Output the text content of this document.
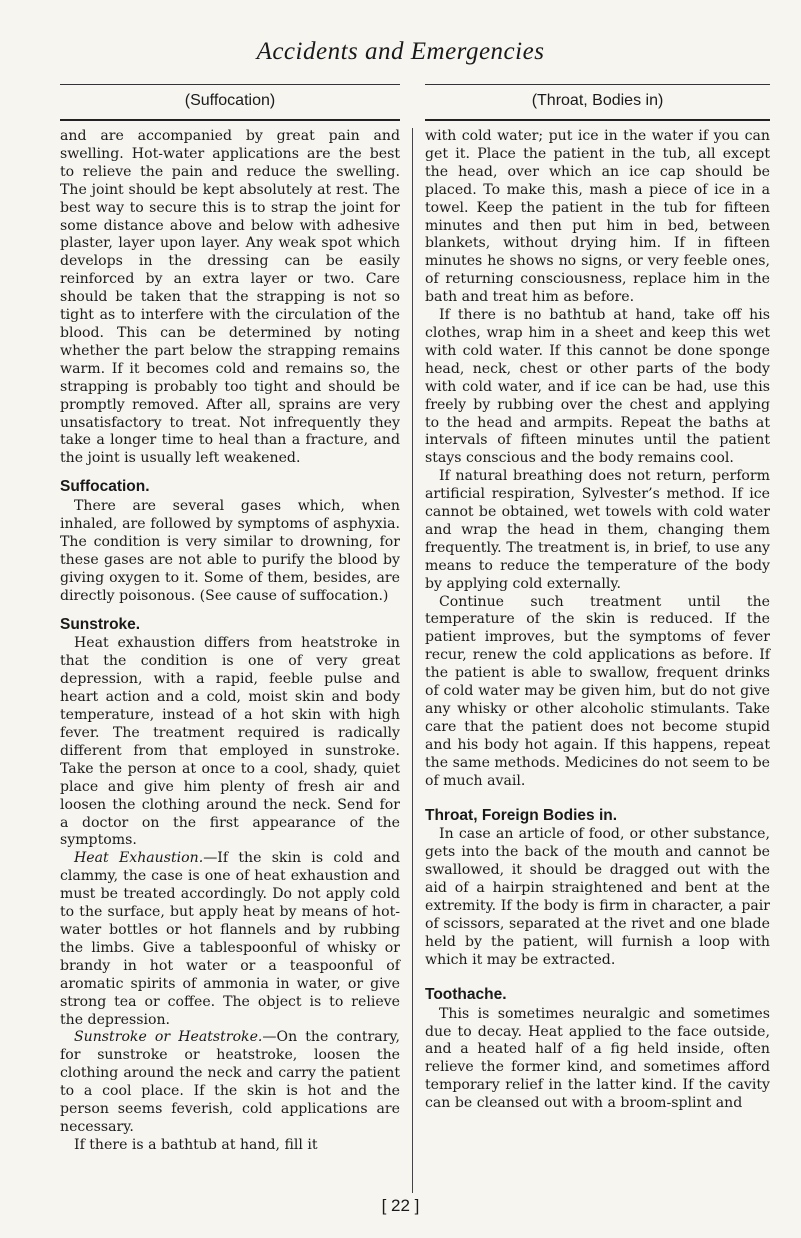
Accidents and Emergencies
(Suffocation)	(Throat, Bodies in)

and are accompanied by great pain and swelling. Hot-water applications are the best to relieve the pain and reduce the swelling. The joint should be kept absolutely at rest. The best way to secure this is to strap the joint for some distance above and below with adhesive plaster, layer upon layer. Any weak spot which develops in the dressing can be easily reinforced by an extra layer or two. Care should be taken that the strapping is not so tight as to interfere with the circulation of the blood. This can be determined by noting whether the part below the strapping remains warm. If it becomes cold and remains so, the strapping is probably too tight and should be promptly removed. After all, sprains are very unsatisfactory to treat. Not infrequently they take a longer time to heal than a fracture, and the joint is usually left weakened.

Suffocation.

There are several gases which, when inhaled, are followed by symptoms of asphyxia. The condition is very similar to drowning, for these gases are not able to purify the blood by giving oxygen to it. Some of them, besides, are directly poisonous. (See cause of suffocation.)

Sunstroke.

Heat exhaustion differs from heatstroke in that the condition is one of very great depression, with a rapid, feeble pulse and heart action and a cold, moist skin and body temperature, instead of a hot skin with high fever. The treatment required is radically different from that employed in sunstroke. Take the person at once to a cool, shady, quiet place and give him plenty of fresh air and loosen the clothing around the neck. Send for a doctor on the first appearance of the symptoms.

Heat Exhaustion.—If the skin is cold and clammy, the case is one of heat exhaustion and must be treated accordingly. Do not apply cold to the surface, but apply heat by means of hot-water bottles or hot flannels and by rubbing the limbs. Give a tablespoonful of whisky or brandy in hot water or a teaspoonful of aromatic spirits of ammonia in water, or give strong tea or coffee. The object is to relieve the depression.

Sunstroke or Heatstroke.—On the contrary, for sunstroke or heatstroke, loosen the clothing around the neck and carry the patient to a cool place. If the skin is hot and the person seems feverish, cold applications are necessary.

If there is a bathtub at hand, fill it

with cold water; put ice in the water if you can get it. Place the patient in the tub, all except the head, over which an ice cap should be placed. To make this, mash a piece of ice in a towel. Keep the patient in the tub for fifteen minutes and then put him in bed, between blankets, without drying him. If in fifteen minutes he shows no signs, or very feeble ones, of returning consciousness, replace him in the bath and treat him as before.

If there is no bathtub at hand, take off his clothes, wrap him in a sheet and keep this wet with cold water. If this cannot be done sponge head, neck, chest or other parts of the body with cold water, and if ice can be had, use this freely by rubbing over the chest and applying to the head and armpits. Repeat the baths at intervals of fifteen minutes until the patient stays conscious and the body remains cool.

If natural breathing does not return, perform artificial respiration, Sylvester’s method. If ice cannot be obtained, wet towels with cold water and wrap the head in them, changing them frequently. The treatment is, in brief, to use any means to reduce the temperature of the body by applying cold externally.

Continue such treatment until the temperature of the skin is reduced. If the patient improves, but the symptoms of fever recur, renew the cold applications as before. If the patient is able to swallow, frequent drinks of cold water may be given him, but do not give any whisky or other alcoholic stimulants. Take care that the patient does not become stupid and his body hot again. If this happens, repeat the same methods. Medicines do not seem to be of much avail.

Throat, Foreign Bodies in.

In case an article of food, or other substance, gets into the back of the mouth and cannot be swallowed, it should be dragged out with the aid of a hairpin straightened and bent at the extremity. If the body is firm in character, a pair of scissors, separated at the rivet and one blade held by the patient, will furnish a loop with which it may be extracted.

Toothache.

This is sometimes neuralgic and sometimes due to decay. Heat applied to the face outside, and a heated half of a fig held inside, often relieve the former kind, and sometimes afford temporary relief in the latter kind. If the cavity can be cleansed out with a broom-splint and

[ 22 ]
